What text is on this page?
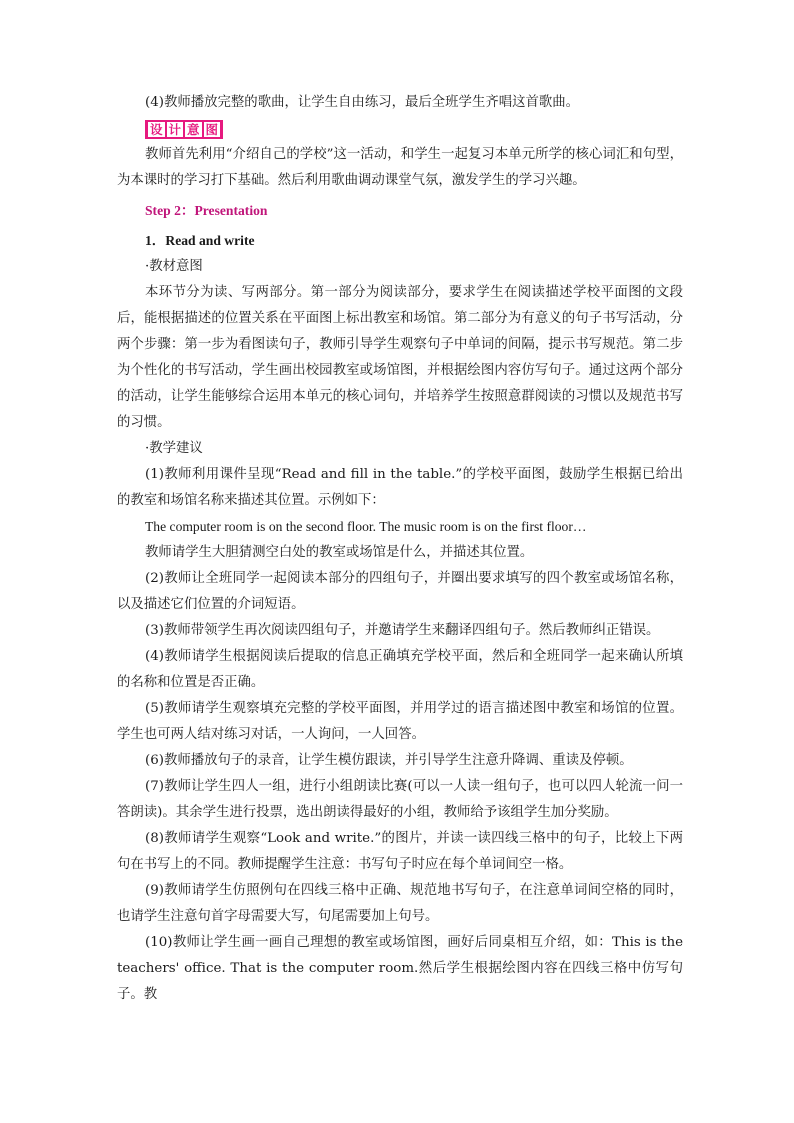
(4)教师播放完整的歌曲，让学生自由练习，最后全班学生齐唱这首歌曲。

设 计 意 图

教师首先利用“介绍自己的学校”这一活动，和学生一起复习本单元所学的核心词汇和句型，为本课时的学习打下基础。然后利用歌曲调动课堂气氛，激发学生的学习兴趣。

Step 2：Presentation

1．Read and write

·教材意图

本环节分为读、写两部分。第一部分为阅读部分，要求学生在阅读描述学校平面图的文段后，能根据描述的位置关系在平面图上标出教室和场馆。第二部分为有意义的句子书写活动，分两个步骤：第一步为看图读句子，教师引导学生观察句子中单词的间隔，提示书写规范。第二步为个性化的书写活动，学生画出校园教室或场馆图，并根据绘图内容仿写句子。通过这两个部分的活动，让学生能够综合运用本单元的核心词句，并培养学生按照意群阅读的习惯以及规范书写的习惯。

·教学建议

(1)教师利用课件呈现“Read and fill in the table.”的学校平面图，鼓励学生根据已给出的教室和场馆名称来描述其位置。示例如下：

The computer room is on the second floor. The music room is on the first floor…

教师请学生大胆猜测空白处的教室或场馆是什么，并描述其位置。

(2)教师让全班同学一起阅读本部分的四组句子，并圈出要求填写的四个教室或场馆名称，以及描述它们位置的介词短语。

(3)教师带领学生再次阅读四组句子，并邀请学生来翻译四组句子。然后教师纠正错误。

(4)教师请学生根据阅读后提取的信息正确填充学校平面，然后和全班同学一起来确认所填的名称和位置是否正确。

(5)教师请学生观察填充完整的学校平面图，并用学过的语言描述图中教室和场馆的位置。学生也可两人结对练习对话，一人询问，一人回答。

(6)教师播放句子的录音，让学生模仿跟读，并引导学生注意升降调、重读及停顿。

(7)教师让学生四人一组，进行小组朗读比赛(可以一人读一组句子，也可以四人轮流一问一答朗读)。其余学生进行投票，选出朗读得最好的小组，教师给予该组学生加分奖励。

(8)教师请学生观察“Look and write.”的图片，并读一读四线三格中的句子，比较上下两句在书写上的不同。教师提醒学生注意：书写句子时应在每个单词间空一格。

(9)教师请学生仿照例句在四线三格中正确、规范地书写句子，在注意单词间空格的同时，也请学生注意句首字母需要大写，句尾需要加上句号。

(10)教师让学生画一画自己理想的教室或场馆图，画好后同桌相互介绍，如：This is the teachers' office. That is the computer room.然后学生根据绘图内容在四线三格中仿写句子。教
